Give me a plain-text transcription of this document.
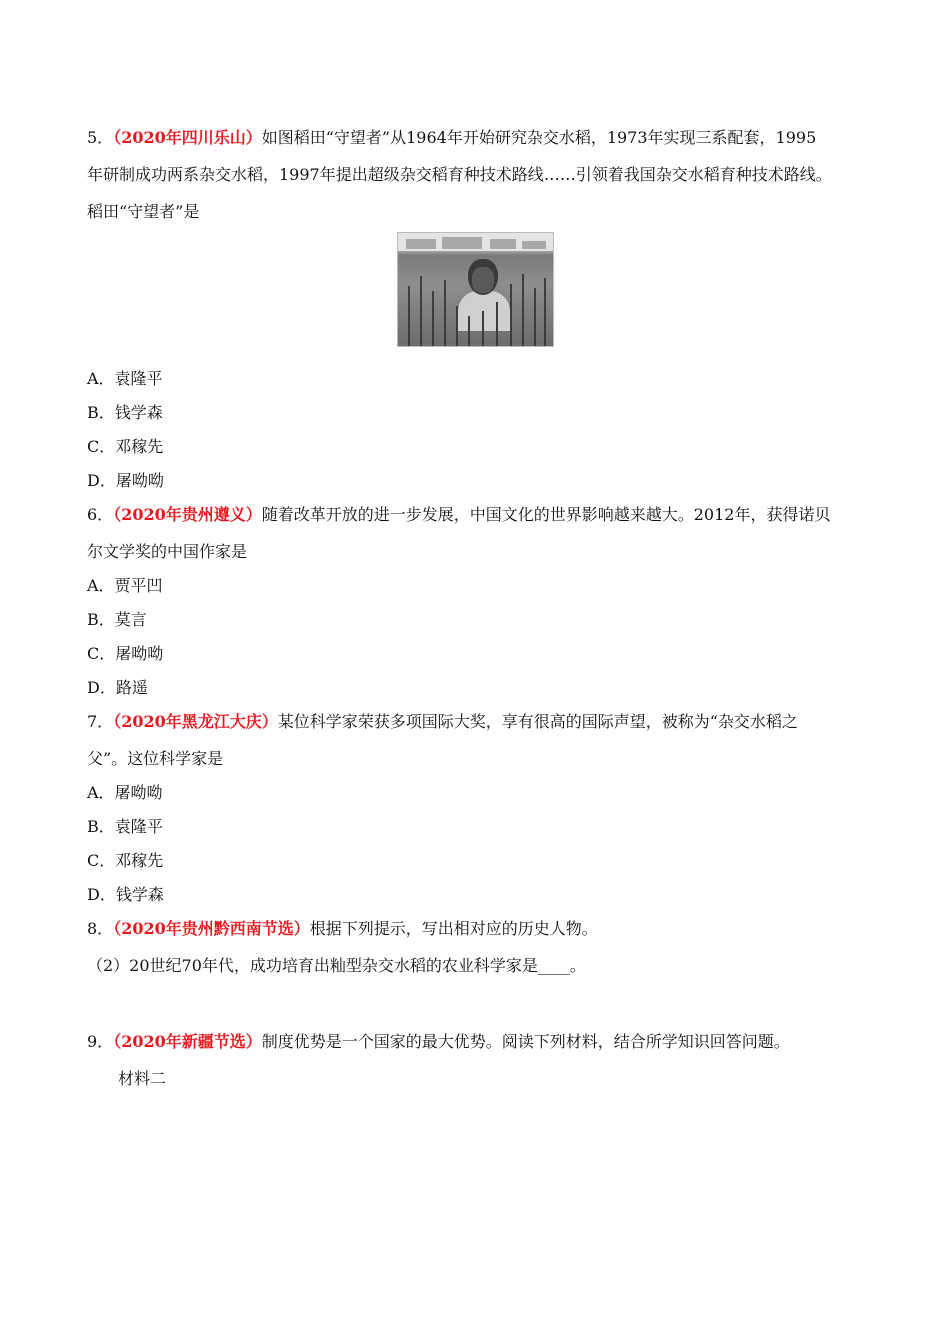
5．（2020年四川乐山）如图稻田“守望者”从1964年开始研究杂交水稻，1973年实现三系配套，1995
年研制成功两系杂交水稻，1997年提出超级杂交稻育种技术路线……引领着我国杂交水稻育种技术路线。
稻田“守望者”是
A．袁隆平
B．钱学森
C．邓稼先
D．屠呦呦
6．（2020年贵州遵义）随着改革开放的进一步发展，中国文化的世界影响越来越大。2012年，获得诺贝
尔文学奖的中国作家是
A．贾平凹
B．莫言
C．屠呦呦
D．路遥
7．（2020年黑龙江大庆）某位科学家荣获多项国际大奖，享有很高的国际声望，被称为“杂交水稻之
父”。这位科学家是
A．屠呦呦
B．袁隆平
C．邓稼先
D．钱学森
8．（2020年贵州黔西南节选）根据下列提示，写出相对应的历史人物。
（2）20世纪70年代，成功培育出籼型杂交水稻的农业科学家是____。
9．（2020年新疆节选）制度优势是一个国家的最大优势。阅读下列材料，结合所学知识回答问题。
材料二
